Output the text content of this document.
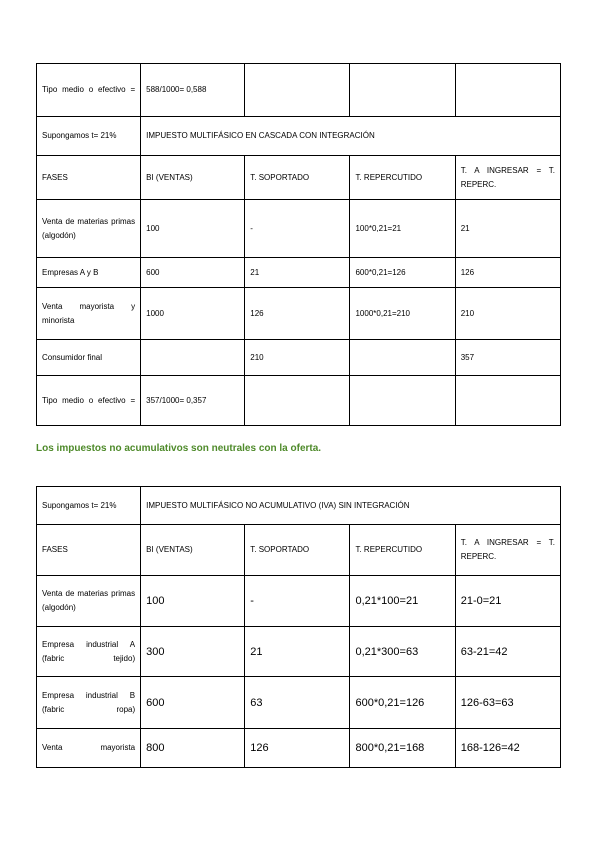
Tipo medio o efectivo =	588/1000= 0,588			
Supongamos t= 21%	IMPUESTO MULTIFÁSICO EN CASCADA CON INTEGRACIÓN			
FASES	BI (VENTAS)	T. SOPORTADO	T. REPERCUTIDO	T. A INGRESAR = T. REPERC.
Venta de materias primas (algodón)	100	-	100*0,21=21	21
Empresas A y B	600	21	600*0,21=126	126
Venta mayorista y minorista	1000	126	1000*0,21=210	210
Consumidor final		210		357
Tipo medio o efectivo =	357/1000= 0,357			
Los impuestos no acumulativos son neutrales con la oferta.
Supongamos t= 21%	IMPUESTO MULTIFÁSICO NO ACUMULATIVO (IVA) SIN INTEGRACIÓN			
FASES	BI (VENTAS)	T. SOPORTADO	T. REPERCUTIDO	T. A INGRESAR = T. REPERC.
Venta de materias primas (algodón)	100	-	0,21*100=21	21-0=21
Empresa industrial A (fabric tejido)	300	21	0,21*300=63	63-21=42
Empresa industrial B (fabric ropa)	600	63	600*0,21=126	126-63=63
Venta mayorista	800	126	800*0,21=168	168-126=42
